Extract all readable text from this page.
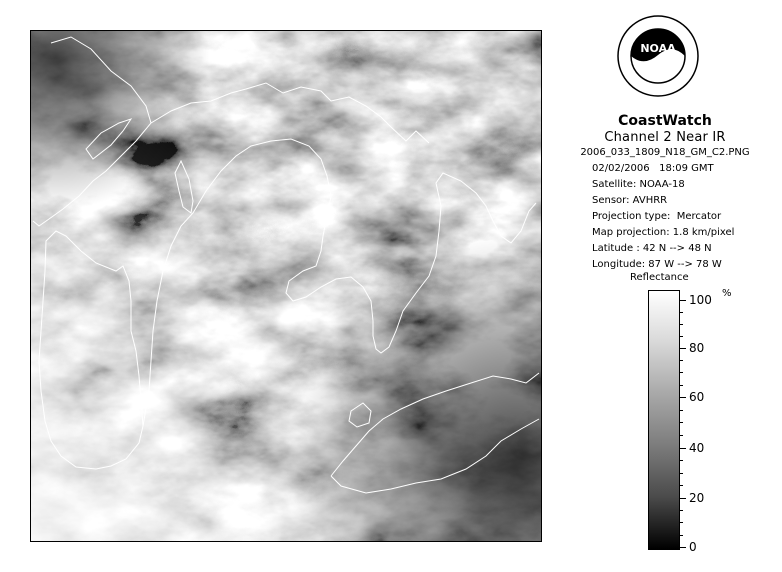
NOAA
CoastWatch
Channel 2 Near IR
2006_033_1809_N18_GM_C2.PNG
02/02/2006   18:09 GMT
Satellite: NOAA-18
Sensor: AVHRR
Projection type:  Mercator
Map projection: 1.8 km/pixel
Latitude : 42 N --> 48 N
Longitude: 87 W --> 78 W
Reflectance
%
100
80
60
40
20
0
